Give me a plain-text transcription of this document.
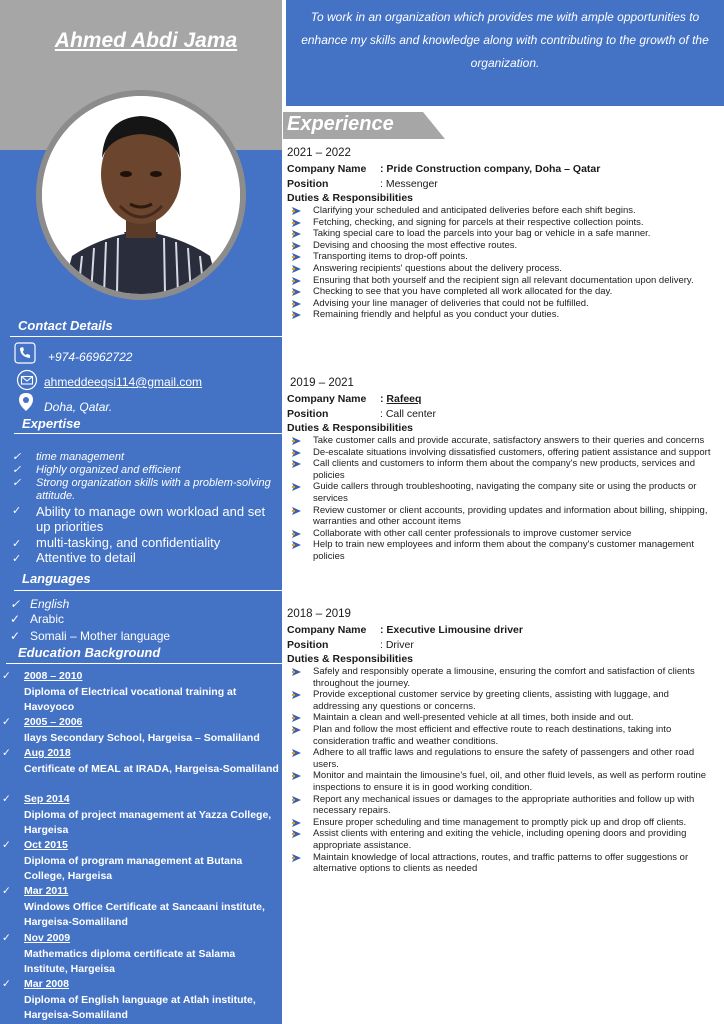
Ahmed Abdi Jama
Contact Details
+974-66962722
ahmeddeeqsi114@gmail.com
Doha, Qatar.
Expertise
✓ time management
✓ Highly organized and efficient
✓	Strong organization skills with a problem-solving attitude.
✓	Ability to manage own workload and set up priorities
✓ multi-tasking, and confidentiality
✓ Attentive to detail
Languages
✓ English
✓ Arabic
✓ Somali – Mother language
Education Background
✓ 2008 – 2010
Diploma of Electrical vocational training at Havoyoco
✓ 2005 – 2006
Ilays Secondary School, Hargeisa – Somaliland
✓ Aug 2018
Certificate of MEAL at IRADA, Hargeisa-Somaliland
✓ Sep 2014
Diploma of project management at Yazza College, Hargeisa
✓ Oct 2015
Diploma of program management at Butana College, Hargeisa
✓ Mar 2011
Windows Office Certificate at Sancaani institute, Hargeisa-Somaliland
✓ Nov 2009
Mathematics diploma certificate at Salama Institute, Hargeisa
✓ Mar 2008
Diploma of English language at Atlah institute, Hargeisa-Somaliland
To work in an organization which provides me with ample opportunities to enhance my skills and knowledge along with contributing to the growth of the organization.
Experience
2021 – 2022
Company Name : Pride Construction company, Doha – Qatar
Position	: Messenger
Duties & Responsibilities
Clarifying your scheduled and anticipated deliveries before each shift begins.
Fetching, checking, and signing for parcels at their respective collection points.
Taking special care to load the parcels into your bag or vehicle in a safe manner.
Devising and choosing the most effective routes.
Transporting items to drop-off points.
Answering recipients' questions about the delivery process.
Ensuring that both yourself and the recipient sign all relevant documentation upon delivery.
Checking to see that you have completed all work allocated for the day.
Advising your line manager of deliveries that could not be fulfilled.
Remaining friendly and helpful as you conduct your duties.
2019 – 2021
Company Name : Rafeeq
Position	: Call center
Duties & Responsibilities
Take customer calls and provide accurate, satisfactory answers to their queries and concerns
De-escalate situations involving dissatisfied customers, offering patient assistance and support
Call clients and customers to inform them about the company's new products, services and policies
Guide callers through troubleshooting, navigating the company site or using the products or services
Review customer or client accounts, providing updates and information about billing, shipping, warranties and other account items
Collaborate with other call center professionals to improve customer service
Help to train new employees and inform them about the company's customer management policies
2018 – 2019
Company Name : Executive Limousine driver
Position	: Driver
Duties & Responsibilities
Safely and responsibly operate a limousine, ensuring the comfort and satisfaction of clients throughout the journey.
Provide exceptional customer service by greeting clients, assisting with luggage, and addressing any questions or concerns.
Maintain a clean and well-presented vehicle at all times, both inside and out.
Plan and follow the most efficient and effective route to reach destinations, taking into consideration traffic and weather conditions.
Adhere to all traffic laws and regulations to ensure the safety of passengers and other road users.
Monitor and maintain the limousine's fuel, oil, and other fluid levels, as well as perform routine inspections to ensure it is in good working condition.
Report any mechanical issues or damages to the appropriate authorities and follow up with necessary repairs.
Ensure proper scheduling and time management to promptly pick up and drop off clients.
Assist clients with entering and exiting the vehicle, including opening doors and providing appropriate assistance.
Maintain knowledge of local attractions, routes, and traffic patterns to offer suggestions or alternative options to clients as needed
